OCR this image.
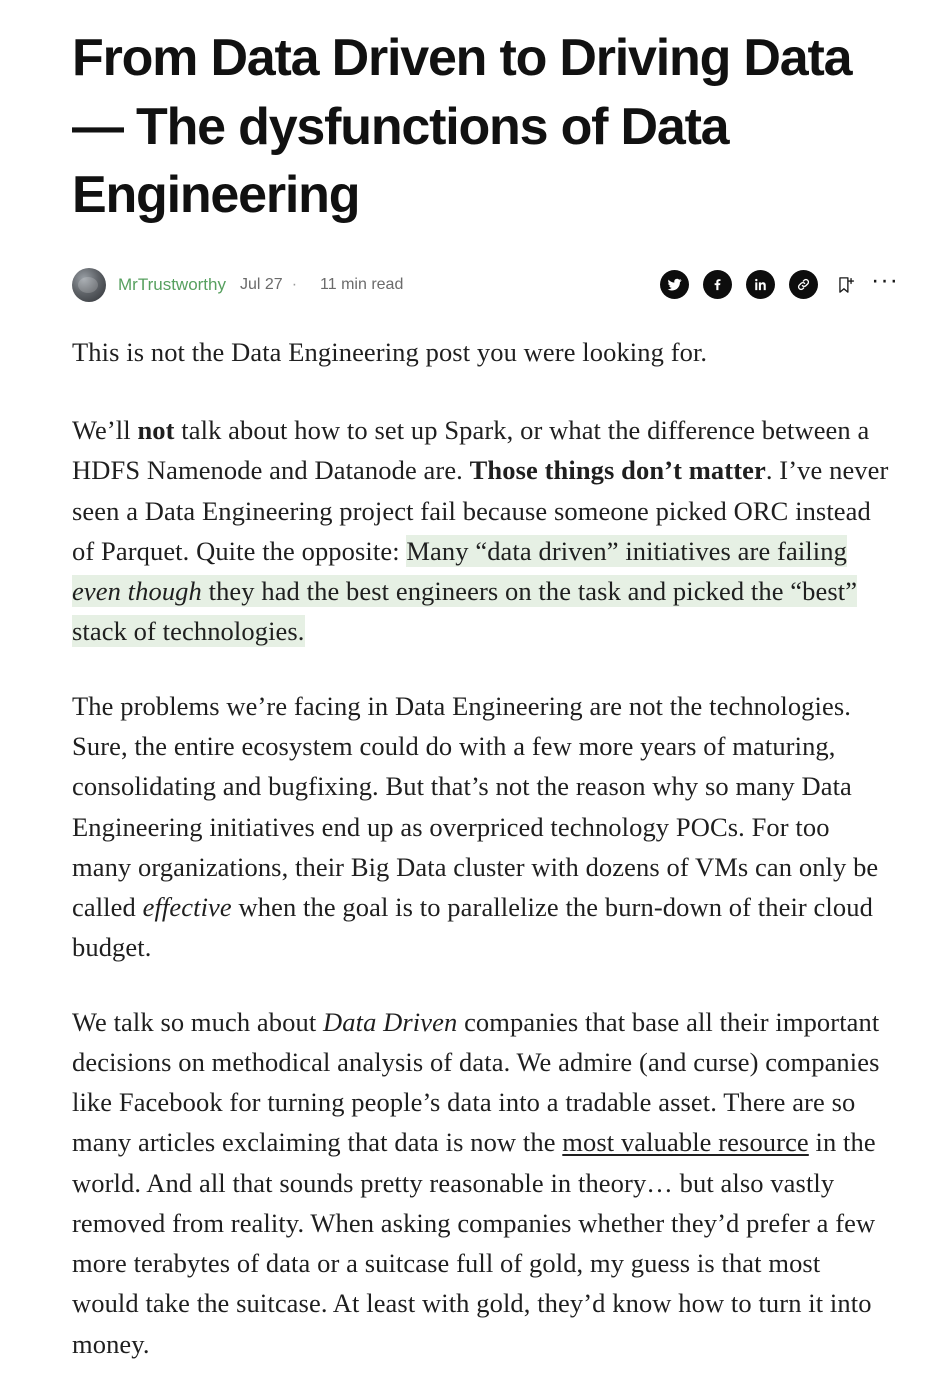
From Data Driven to Driving Data — The dysfunctions of Data Engineering
MrTrustworthy Jul 27 · 11 min read	···

This is not the Data Engineering post you were looking for.

We’ll not talk about how to set up Spark, or what the difference between a HDFS Namenode and Datanode are. Those things don’t matter. I’ve never seen a Data Engineering project fail because someone picked ORC instead of Parquet. Quite the opposite: Many “data driven” initiatives are failing even though they had the best engineers on the task and picked the “best” stack of technologies.

The problems we’re facing in Data Engineering are not the technologies. Sure, the entire ecosystem could do with a few more years of maturing, consolidating and bugfixing. But that’s not the reason why so many Data Engineering initiatives end up as overpriced technology POCs. For too many organizations, their Big Data cluster with dozens of VMs can only be called effective when the goal is to parallelize the burn-down of their cloud budget.

We talk so much about Data Driven companies that base all their important decisions on methodical analysis of data. We admire (and curse) companies like Facebook for turning people’s data into a tradable asset. There are so many articles exclaiming that data is now the most valuable resource in the world. And all that sounds pretty reasonable in theory… but also vastly removed from reality. When asking companies whether they’d prefer a few more terabytes of data or a suitcase full of gold, my guess is that most would take the suitcase. At least with gold, they’d know how to turn it into money.
